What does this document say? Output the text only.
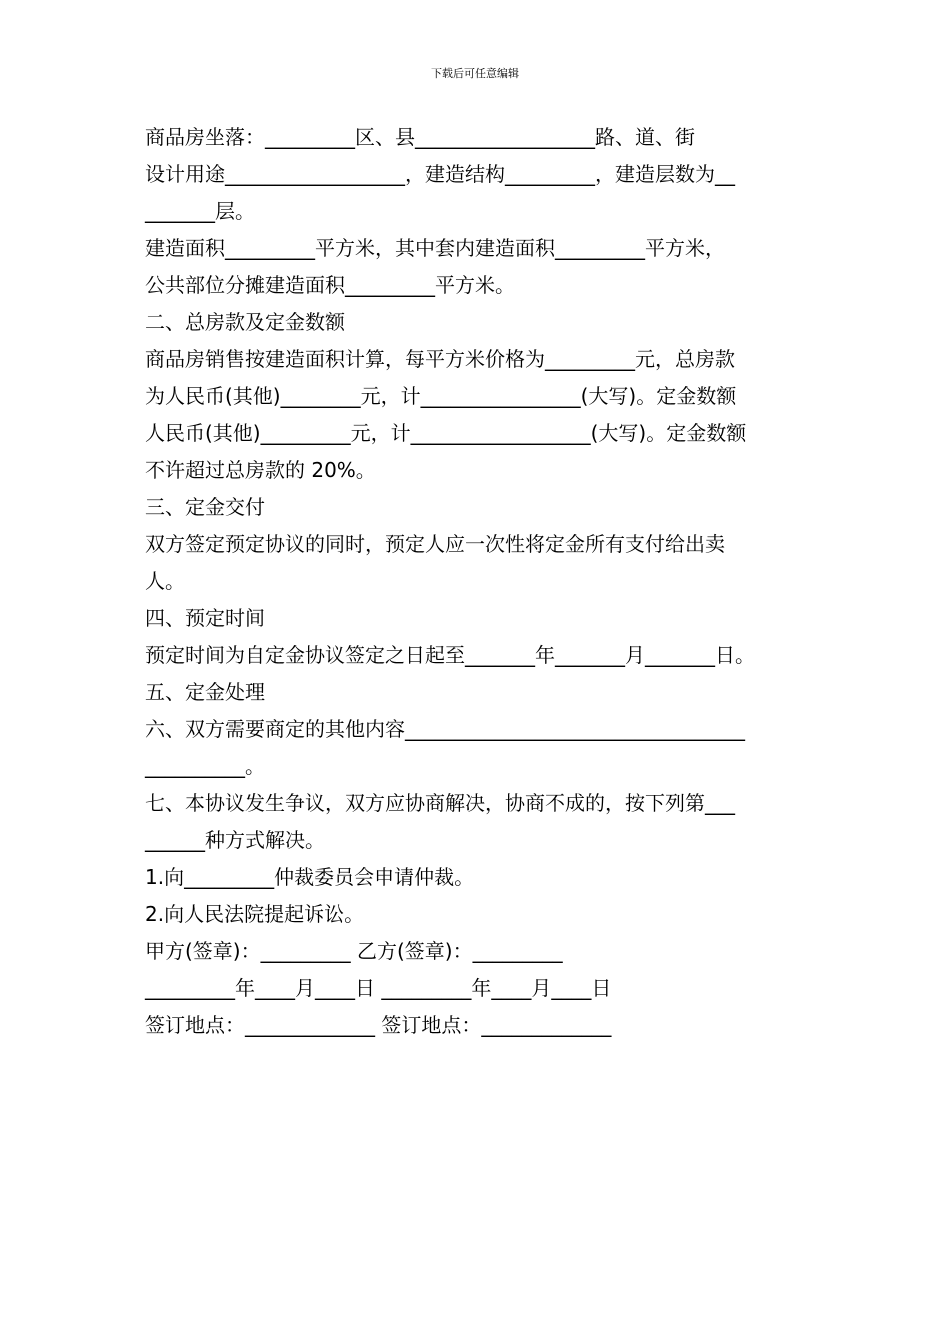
下载后可任意编辑
商品房坐落：_________区、县__________________路、道、街
设计用途__________________，建造结构_________，建造层数为__
_______层。
建造面积_________平方米，其中套内建造面积_________平方米，
公共部位分摊建造面积_________平方米。
二、总房款及定金数额
商品房销售按建造面积计算，每平方米价格为_________元，总房款
为人民币(其他)________元，计________________(大写)。定金数额
人民币(其他)_________元，计__________________(大写)。定金数额
不许超过总房款的 20%。
三、定金交付
双方签定预定协议的同时，预定人应一次性将定金所有支付给出卖
人。
四、预定时间
预定时间为自定金协议签定之日起至_______年_______月_______日。
五、定金处理
六、双方需要商定的其他内容__________________________________
__________。
七、本协议发生争议，双方应协商解决，协商不成的，按下列第___
______种方式解决。
1.向_________仲裁委员会申请仲裁。
2.向人民法院提起诉讼。
甲方(签章)：_________ 乙方(签章)：_________
_________年____月____日 _________年____月____日
签订地点：_____________ 签订地点：_____________
